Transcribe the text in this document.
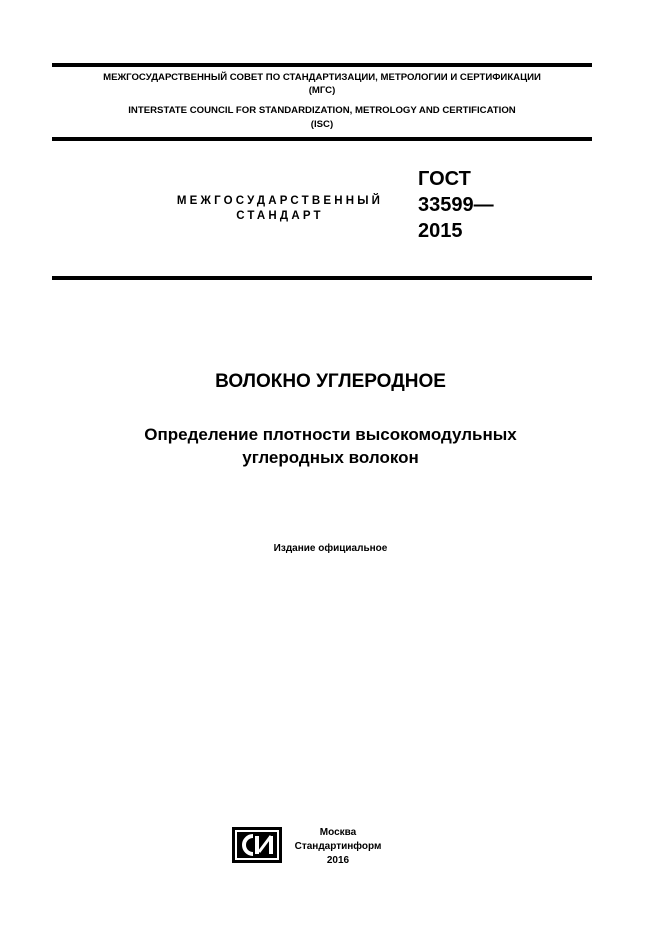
МЕЖГОСУДАРСТВЕННЫЙ СОВЕТ ПО СТАНДАРТИЗАЦИИ, МЕТРОЛОГИИ И СЕРТИФИКАЦИИ
(МГС)
INTERSTATE COUNCIL FOR STANDARDIZATION, METROLOGY AND CERTIFICATION
(ISC)
МЕЖГОСУДАРСТВЕННЫЙ
СТАНДАРТ
ГОСТ
33599—
2015
ВОЛОКНО УГЛЕРОДНОЕ
Определение плотности высокомодульных
углеродных волокон
Издание официальное
Москва
Стандартинформ
2016
